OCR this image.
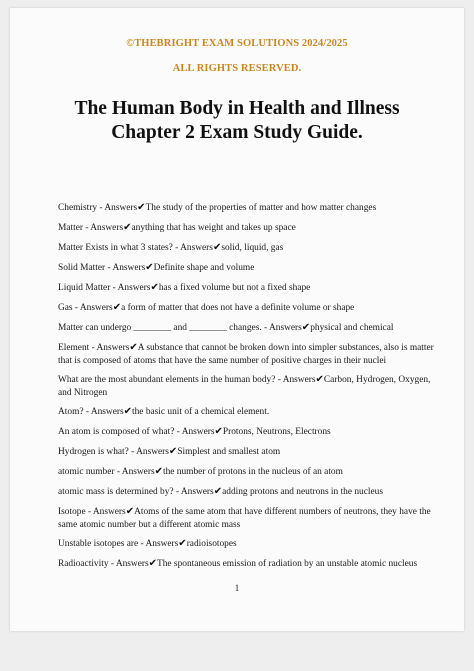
©THEBRIGHT EXAM SOLUTIONS 2024/2025
ALL RIGHTS RESERVED.
The Human Body in Health and Illness
Chapter 2 Exam Study Guide.
Chemistry - Answers✔The study of the properties of matter and how matter changes
Matter - Answers✔anything that has weight and takes up space
Matter Exists in what 3 states? - Answers✔solid, liquid, gas
Solid Matter - Answers✔Definite shape and volume
Liquid Matter - Answers✔has a fixed volume but not a fixed shape
Gas - Answers✔a form of matter that does not have a definite volume or shape
Matter can undergo ________ and ________ changes. - Answers✔physical and chemical
Element - Answers✔A substance that cannot be broken down into simpler substances, also is matter that is composed of atoms that have the same number of positive charges in their nuclei
What are the most abundant elements in the human body? - Answers✔Carbon, Hydrogen, Oxygen, and Nitrogen
Atom? - Answers✔the basic unit of a chemical element.
An atom is composed of what? - Answers✔Protons, Neutrons, Electrons
Hydrogen is what? - Answers✔Simplest and smallest atom
atomic number - Answers✔the number of protons in the nucleus of an atom
atomic mass is determined by? - Answers✔adding protons and neutrons in the nucleus
Isotope - Answers✔Atoms of the same atom that have different numbers of neutrons, they have the same atomic number but a different atomic mass
Unstable isotopes are - Answers✔radioisotopes
Radioactivity - Answers✔The spontaneous emission of radiation by an unstable atomic nucleus
1
